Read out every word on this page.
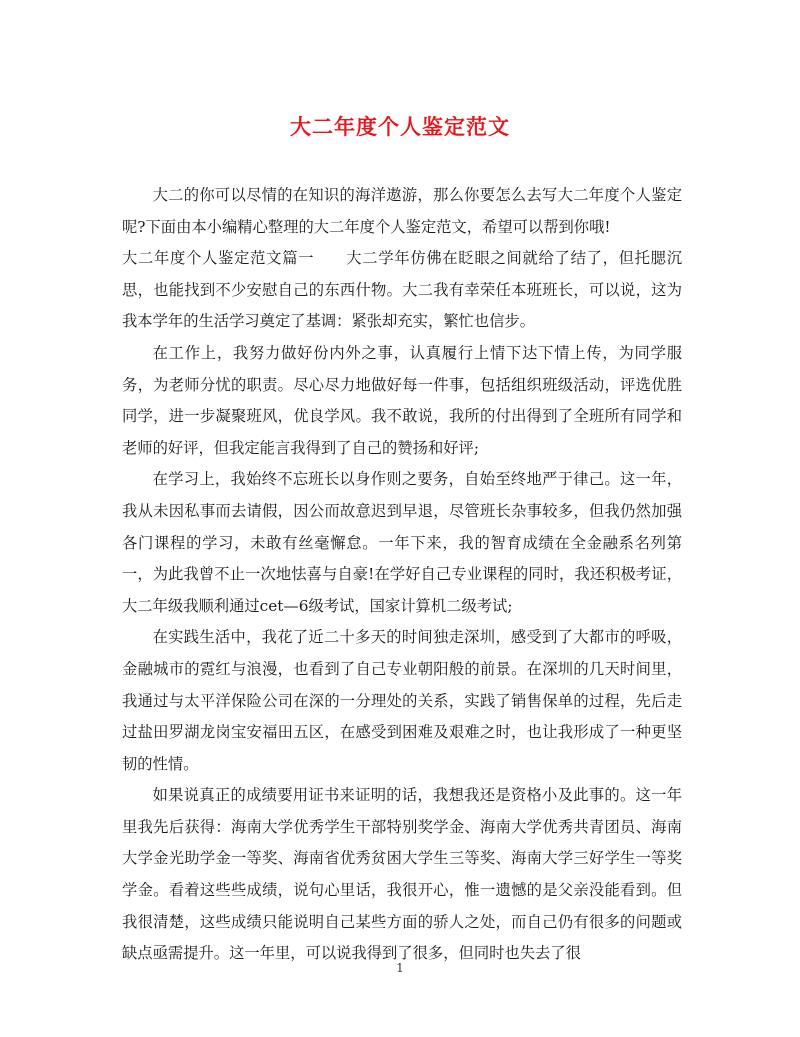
大二年度个人鉴定范文

大二的你可以尽情的在知识的海洋遨游，那么你要怎么去写大二年度个人鉴定呢?下面由本小编精心整理的大二年度个人鉴定范文，希望可以帮到你哦!

大二年度个人鉴定范文篇一　　大二学年仿佛在眨眼之间就给了结了，但托腮沉思，也能找到不少安慰自己的东西什物。大二我有幸荣任本班班长，可以说，这为我本学年的生活学习奠定了基调：紧张却充实，繁忙也信步。

在工作上，我努力做好份内外之事，认真履行上情下达下情上传，为同学服务，为老师分忧的职责。尽心尽力地做好每一件事，包括组织班级活动，评选优胜同学，进一步凝聚班风，优良学风。我不敢说，我所的付出得到了全班所有同学和老师的好评，但我定能言我得到了自己的赞扬和好评;

在学习上，我始终不忘班长以身作则之要务，自始至终地严于律己。这一年，我从未因私事而去请假，因公而故意迟到早退，尽管班长杂事较多，但我仍然加强各门课程的学习，未敢有丝毫懈怠。一年下来，我的智育成绩在全金融系名列第一，为此我曾不止一次地怯喜与自豪!在学好自己专业课程的同时，我还积极考证，大二年级我顺利通过cet—6级考试，国家计算机二级考试;

在实践生活中，我花了近二十多天的时间独走深圳，感受到了大都市的呼吸，金融城市的霓红与浪漫，也看到了自己专业朝阳般的前景。在深圳的几天时间里，我通过与太平洋保险公司在深的一分理处的关系，实践了销售保单的过程，先后走过盐田罗湖龙岗宝安福田五区，在感受到困难及艰难之时，也让我形成了一种更坚韧的性情。

如果说真正的成绩要用证书来证明的话，我想我还是资格小及此事的。这一年里我先后获得：海南大学优秀学生干部特别奖学金、海南大学优秀共青团员、海南大学金光助学金一等奖、海南省优秀贫困大学生三等奖、海南大学三好学生一等奖学金。看着这些些成绩，说句心里话，我很开心，惟一遗憾的是父亲没能看到。但我很清楚，这些成绩只能说明自己某些方面的骄人之处，而自己仍有很多的问题或缺点亟需提升。这一年里，可以说我得到了很多，但同时也失去了很

1
